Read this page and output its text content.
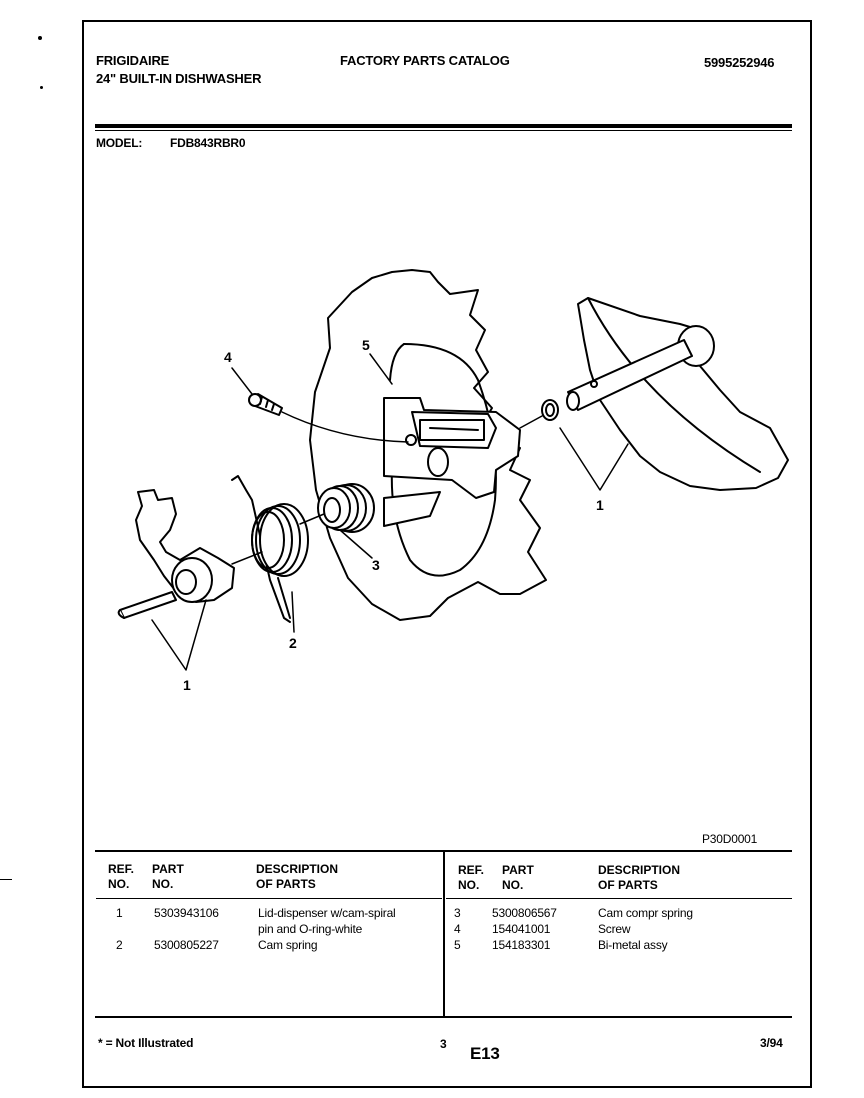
FRIGIDAIRE
24" BUILT-IN DISHWASHER
FACTORY PARTS CATALOG	5995252946
MODEL: FDB843RBR0
4
5
1
3
2
1
P30D0001
REF.
NO.
PART
NO.
DESCRIPTION
OF PARTS
REF.
NO.
PART
NO.
DESCRIPTION
OF PARTS
1	5303943106	Lid-dispenser w/cam-spiral
pin and O-ring-white
2	5300805227	Cam spring
3	5300806567	Cam compr spring
4	154041001	Screw
5	154183301	Bi-metal assy
* = Not Illustrated	3 E13
3/94
